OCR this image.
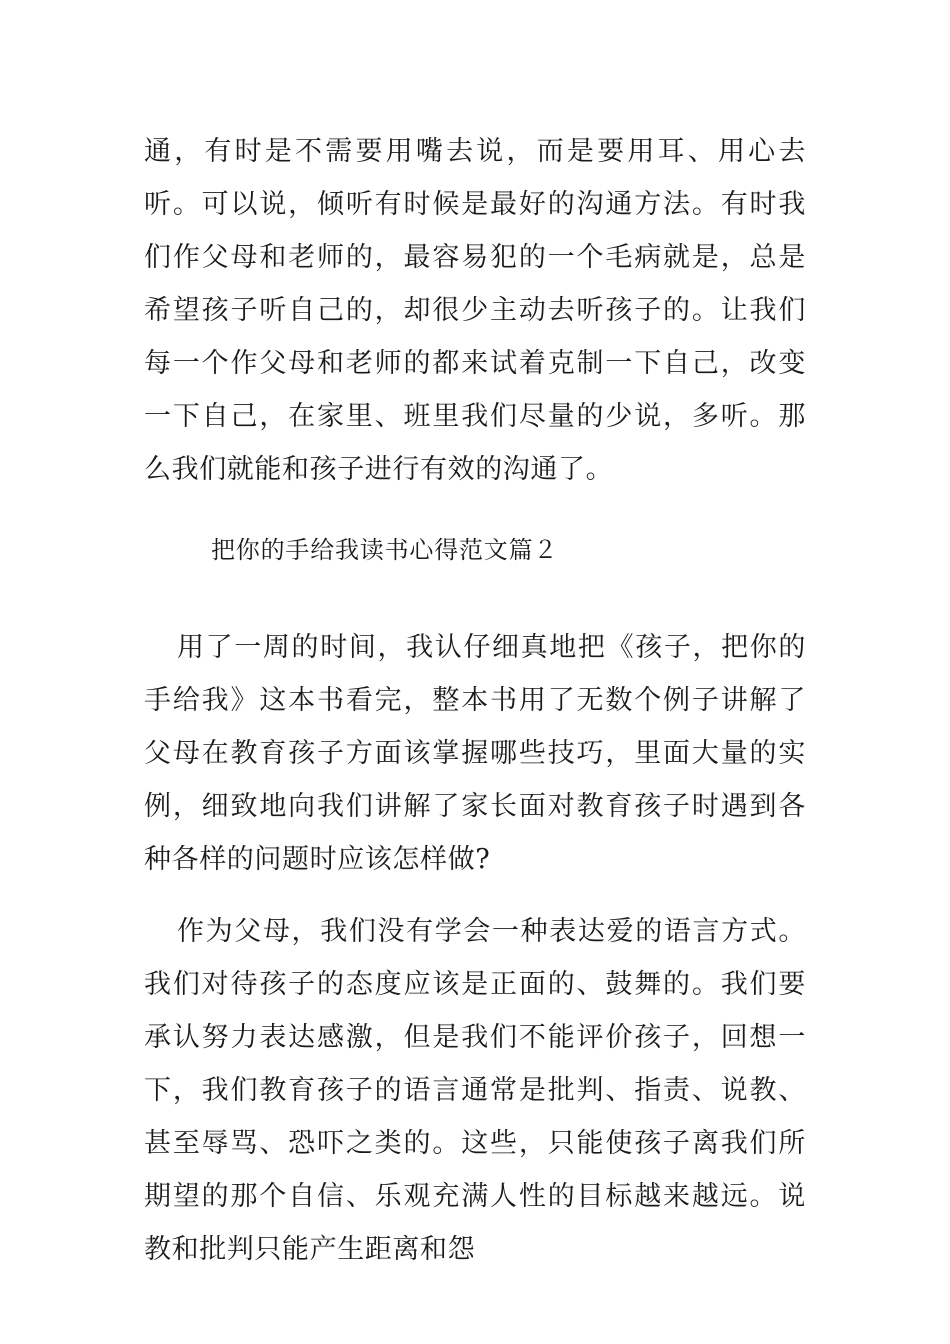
通，有时是不需要用嘴去说，而是要用耳、用心去听。可以说，倾听有时候是最好的沟通方法。有时我们作父母和老师的，最容易犯的一个毛病就是，总是希望孩子听自己的，却很少主动去听孩子的。让我们每一个作父母和老师的都来试着克制一下自己，改变一下自己，在家里、班里我们尽量的少说，多听。那么我们就能和孩子进行有效的沟通了。

把你的手给我读书心得范文篇２

用了一周的时间，我认仔细真地把《孩子，把你的手给我》这本书看完，整本书用了无数个例子讲解了父母在教育孩子方面该掌握哪些技巧，里面大量的实例，细致地向我们讲解了家长面对教育孩子时遇到各种各样的问题时应该怎样做?

作为父母，我们没有学会一种表达爱的语言方式。我们对待孩子的态度应该是正面的、鼓舞的。我们要承认努力表达感激，但是我们不能评价孩子，回想一下，我们教育孩子的语言通常是批判、指责、说教、甚至辱骂、恐吓之类的。这些，只能使孩子离我们所期望的那个自信、乐观充满人性的目标越来越远。说教和批判只能产生距离和怨
